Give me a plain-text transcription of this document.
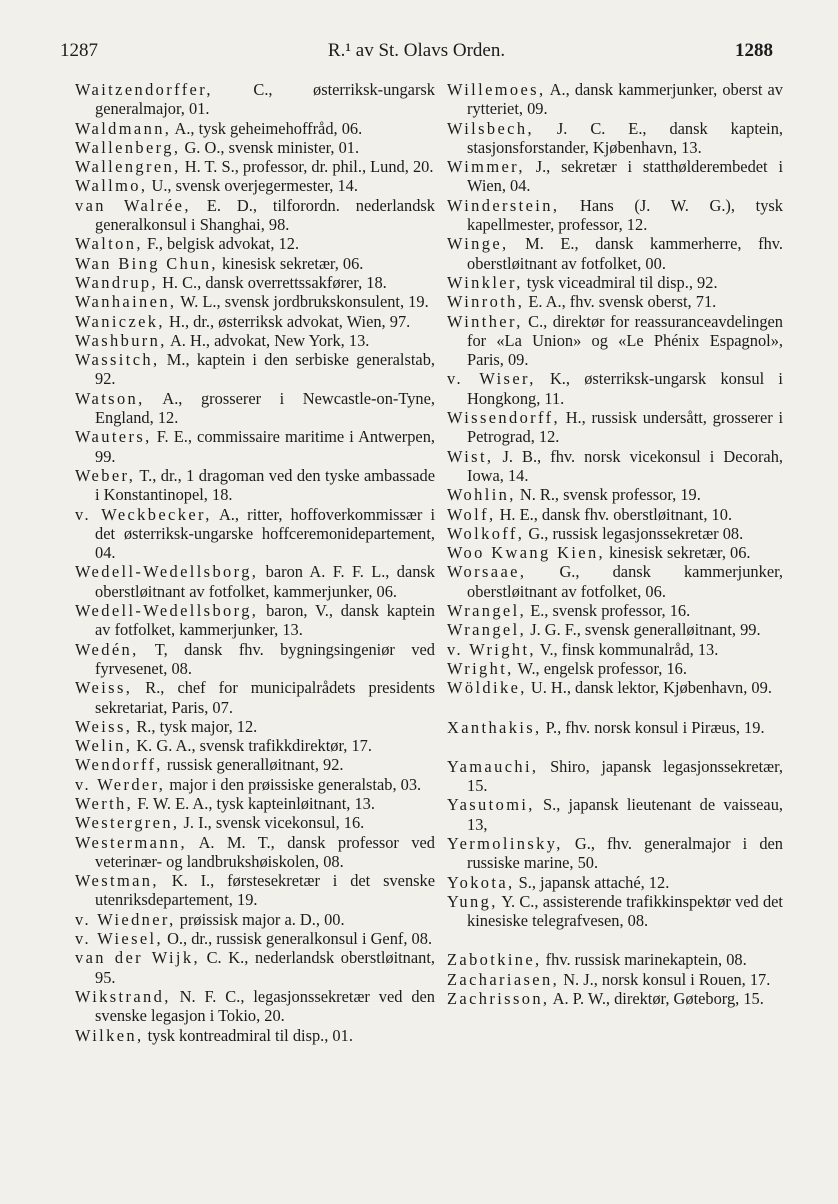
1287	R.¹ av St. Olavs Orden.	1288

Waitzendorffer, C., østerriksk-ungarsk generalmajor, 01.

Waldmann, A., tysk geheimehoffråd, 06.

Wallenberg, G. O., svensk minister, 01.

Wallengren, H. T. S., professor, dr. phil., Lund, 20.

Wallmo, U., svensk overjegermester, 14.

van Walrée, E. D., tilforordn. nederlandsk generalkonsul i Shanghai, 98.

Walton, F., belgisk advokat, 12.

Wan Bing Chun, kinesisk sekretær, 06.

Wandrup, H. C., dansk overrettssakfører, 18.

Wanhainen, W. L., svensk jordbrukskonsulent, 19.

Waniczek, H., dr., østerriksk advokat, Wien, 97.

Washburn, A. H., advokat, New York, 13.

Wassitch, M., kaptein i den serbiske generalstab, 92.

Watson, A., grosserer i Newcastle-on-Tyne, England, 12.

Wauters, F. E., commissaire maritime i Antwerpen, 99.

Weber, T., dr., 1 dragoman ved den tyske ambassade i Konstantinopel, 18.

v. Weckbecker, A., ritter, hoffoverkommissær i det østerriksk-ungarske hoffceremonidepartement, 04.

Wedell-Wedellsborg, baron A. F. F. L., dansk oberstløitnant av fotfolket, kammerjunker, 06.

Wedell-Wedellsborg, baron, V., dansk kaptein av fotfolket, kammerjunker, 13.

Wedén, T, dansk fhv. bygningsingeniør ved fyrvesenet, 08.

Weiss, R., chef for municipalrådets presidents sekretariat, Paris, 07.

Weiss, R., tysk major, 12.

Welin, K. G. A., svensk trafikkdirektør, 17.

Wendorff, russisk generalløitnant, 92.

v. Werder, major i den prøissiske generalstab, 03.

Werth, F. W. E. A., tysk kapteinløitnant, 13.

Westergren, J. I., svensk vicekonsul, 16.

Westermann, A. M. T., dansk professor ved veterinær- og landbrukshøiskolen, 08.

Westman, K. I., førstesekretær i det svenske utenriksdepartement, 19.

v. Wiedner, prøissisk major a. D., 00.

v. Wiesel, O., dr., russisk generalkonsul i Genf, 08.

van der Wijk, C. K., nederlandsk oberstløitnant, 95.

Wikstrand, N. F. C., legasjonssekretær ved den svenske legasjon i Tokio, 20.

Wilken, tysk kontreadmiral til disp., 01.

Willemoes, A., dansk kammerjunker, oberst av rytteriet, 09.

Wilsbech, J. C. E., dansk kaptein, stasjonsforstander, Kjøbenhavn, 13.

Wimmer, J., sekretær i statthølderembedet i Wien, 04.

Winderstein, Hans (J. W. G.), tysk kapellmester, professor, 12.

Winge, M. E., dansk kammerherre, fhv. oberstløitnant av fotfolket, 00.

Winkler, tysk viceadmiral til disp., 92.

Winroth, E. A., fhv. svensk oberst, 71.

Winther, C., direktør for reassuranceavdelingen for «La Union» og «Le Phénix Espagnol», Paris, 09.

v. Wiser, K., østerriksk-ungarsk konsul i Hongkong, 11.

Wissendorff, H., russisk undersått, grosserer i Petrograd, 12.

Wist, J. B., fhv. norsk vicekonsul i Decorah, Iowa, 14.

Wohlin, N. R., svensk professor, 19.

Wolf, H. E., dansk fhv. oberstløitnant, 10.

Wolkoff, G., russisk legasjonssekretær 08.

Woo Kwang Kien, kinesisk sekretær, 06.

Worsaae, G., dansk kammerjunker, oberstløitnant av fotfolket, 06.

Wrangel, E., svensk professor, 16.

Wrangel, J. G. F., svensk generalløitnant, 99.

v. Wright, V., finsk kommunalråd, 13.

Wright, W., engelsk professor, 16.

Wöldike, U. H., dansk lektor, Kjøbenhavn, 09.

Xanthakis, P., fhv. norsk konsul i Piræus, 19.

Yamauchi, Shiro, japansk legasjonssekretær, 15.

Yasutomi, S., japansk lieutenant de vaisseau, 13,

Yermolinsky, G., fhv. generalmajor i den russiske marine, 50.

Yokota, S., japansk attaché, 12.

Yung, Y. C., assisterende trafikkinspektør ved det kinesiske telegrafvesen, 08.

Zabotkine, fhv. russisk marinekaptein, 08.

Zachariasen, N. J., norsk konsul i Rouen, 17.

Zachrisson, A. P. W., direktør, Gøteborg, 15.
